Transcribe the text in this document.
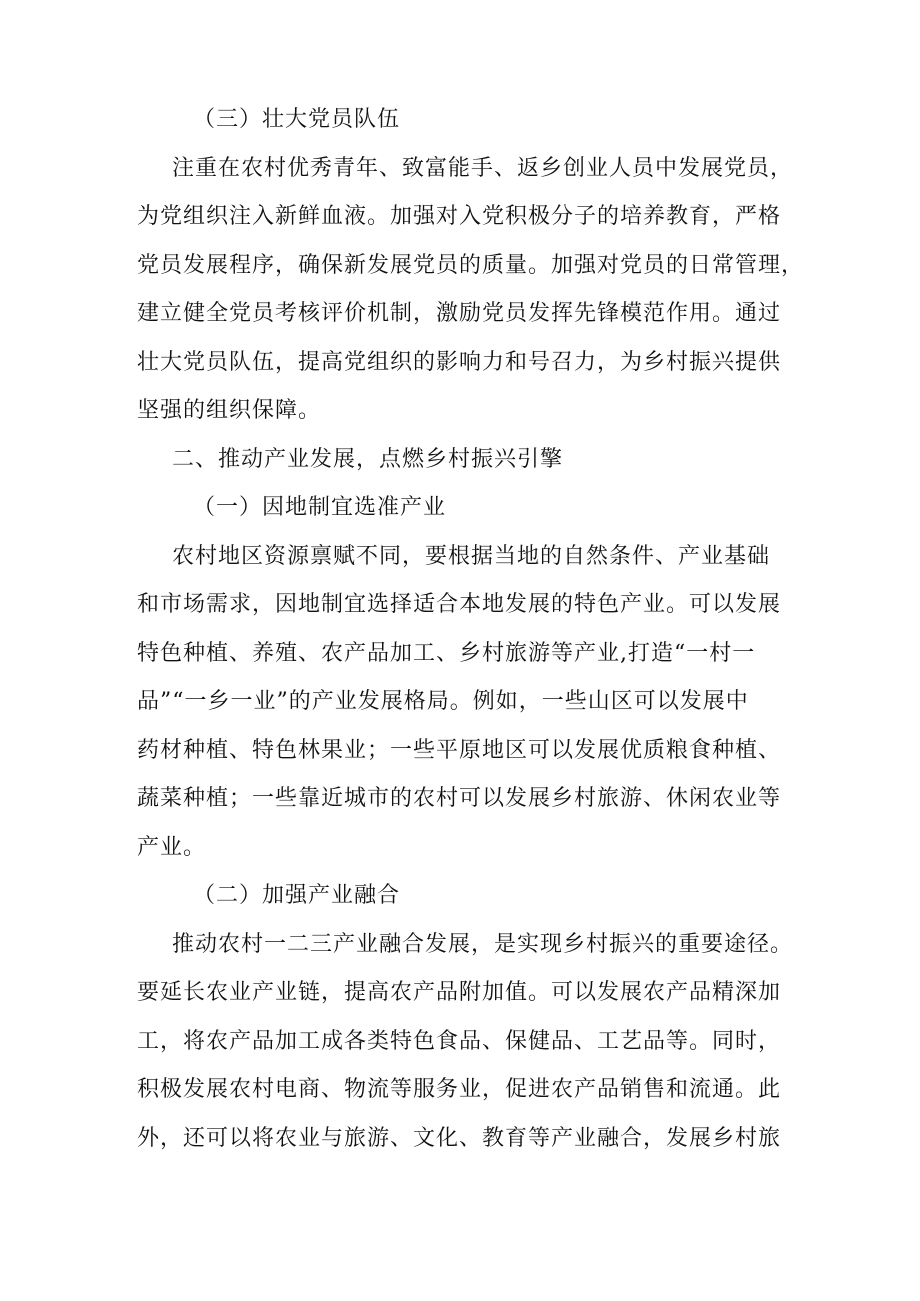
（三）壮大党员队伍
注重在农村优秀青年、致富能手、返乡创业人员中发展党员，
为党组织注入新鲜血液。加强对入党积极分子的培养教育，严格
党员发展程序，确保新发展党员的质量。加强对党员的日常管理，
建立健全党员考核评价机制，激励党员发挥先锋模范作用。通过
壮大党员队伍，提高党组织的影响力和号召力，为乡村振兴提供
坚强的组织保障。
二、推动产业发展，点燃乡村振兴引擎
（一）因地制宜选准产业
农村地区资源禀赋不同，要根据当地的自然条件、产业基础
和市场需求，因地制宜选择适合本地发展的特色产业。可以发展
特色种植、养殖、农产品加工、乡村旅游等产业,打造“一村一
品”“一乡一业”的产业发展格局。例如，一些山区可以发展中
药材种植、特色林果业；一些平原地区可以发展优质粮食种植、
蔬菜种植；一些靠近城市的农村可以发展乡村旅游、休闲农业等
产业。
（二）加强产业融合
推动农村一二三产业融合发展，是实现乡村振兴的重要途径。
要延长农业产业链，提高农产品附加值。可以发展农产品精深加
工，将农产品加工成各类特色食品、保健品、工艺品等。同时，
积极发展农村电商、物流等服务业，促进农产品销售和流通。此
外，还可以将农业与旅游、文化、教育等产业融合，发展乡村旅
